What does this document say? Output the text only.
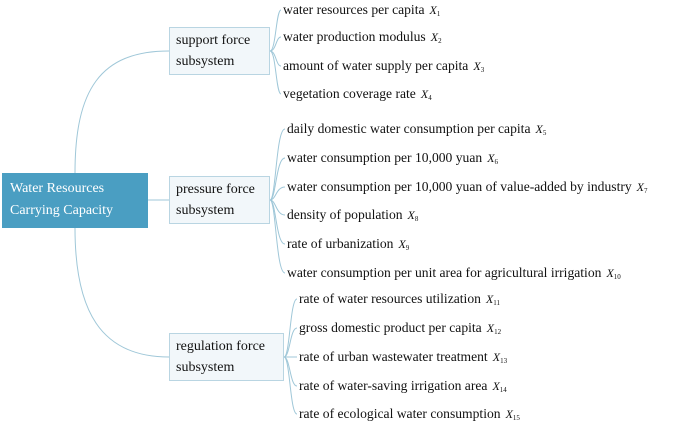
Water Resources
Carrying Capacity
support force
subsystem
pressure force
subsystem
regulation force
subsystem
water resources per capita $X_1$
water production modulus $X_2$
amount of water supply per capita $X_3$
vegetation coverage rate $X_4$
daily domestic water consumption per capita $X_5$
water consumption per 10,000 yuan $X_6$
water consumption per 10,000 yuan of value-added by industry $X_7$
density of population $X_8$
rate of urbanization $X_9$
water consumption per unit area for agricultural irrigation $X_{10}$
rate of water resources utilization $X_{11}$
gross domestic product per capita $X_{12}$
rate of urban wastewater treatment $X_{13}$
rate of water-saving irrigation area $X_{14}$
rate of ecological water consumption $X_{15}$
